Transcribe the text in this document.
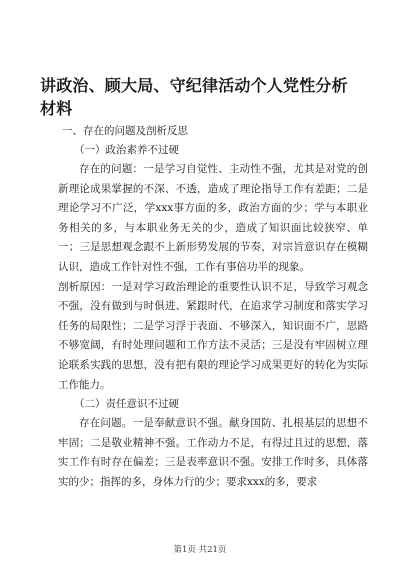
讲政治、顾大局、守纪律活动个人党性分析材料

一、存在的问题及剖析反思

（一）政治素养不过硬

存在的问题：一是学习自觉性、主动性不强，尤其是对党的创新理论成果掌握的不深、不透，造成了理论指导工作有差距；二是理论学习不广泛，学xxx事方面的多，政治方面的少；学与本职业务相关的多，与本职业务无关的少，造成了知识面比较狭窄、单一；三是思想观念跟不上新形势发展的节奏，对宗旨意识存在模糊认识，造成工作针对性不强，工作有事倍功半的现象。

剖析原因：一是对学习政治理论的重要性认识不足，导致学习观念不强，没有做到与时俱进、紧跟时代，在追求学习制度和落实学习任务的局限性；二是学习浮于表面、不够深入，知识面不广，思路不够宽阔，有时处理问题和工作方法不灵活；三是没有牢固树立理论联系实践的思想，没有把有限的理论学习成果更好的转化为实际工作能力。

（二）责任意识不过硬

存在问题。一是奉献意识不强。献身国防、扎根基层的思想不牢固；二是敬业精神不强。工作动力不足，有得过且过的思想，落实工作有时存在偏差；三是表率意识不强。安排工作时多，具体落实的少；指挥的多，身体力行的少；要求xxx的多，要求

第1页 共21页
